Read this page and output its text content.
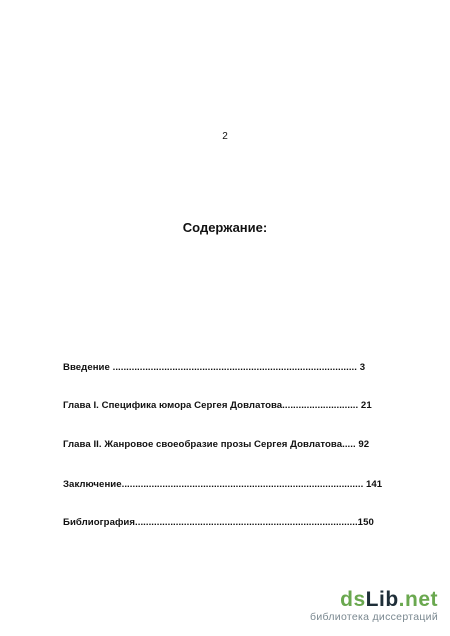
2
Содержание:
Введение .......................................................................................... 3
Глава I. Специфика юмора Сергея Довлатова............................ 21
Глава II. Жанровое своеобразие прозы Сергея Довлатова..... 92
Заключение......................................................................................... 141
Библиография..................................................................................150
dsLib.net
библиотека диссертаций
